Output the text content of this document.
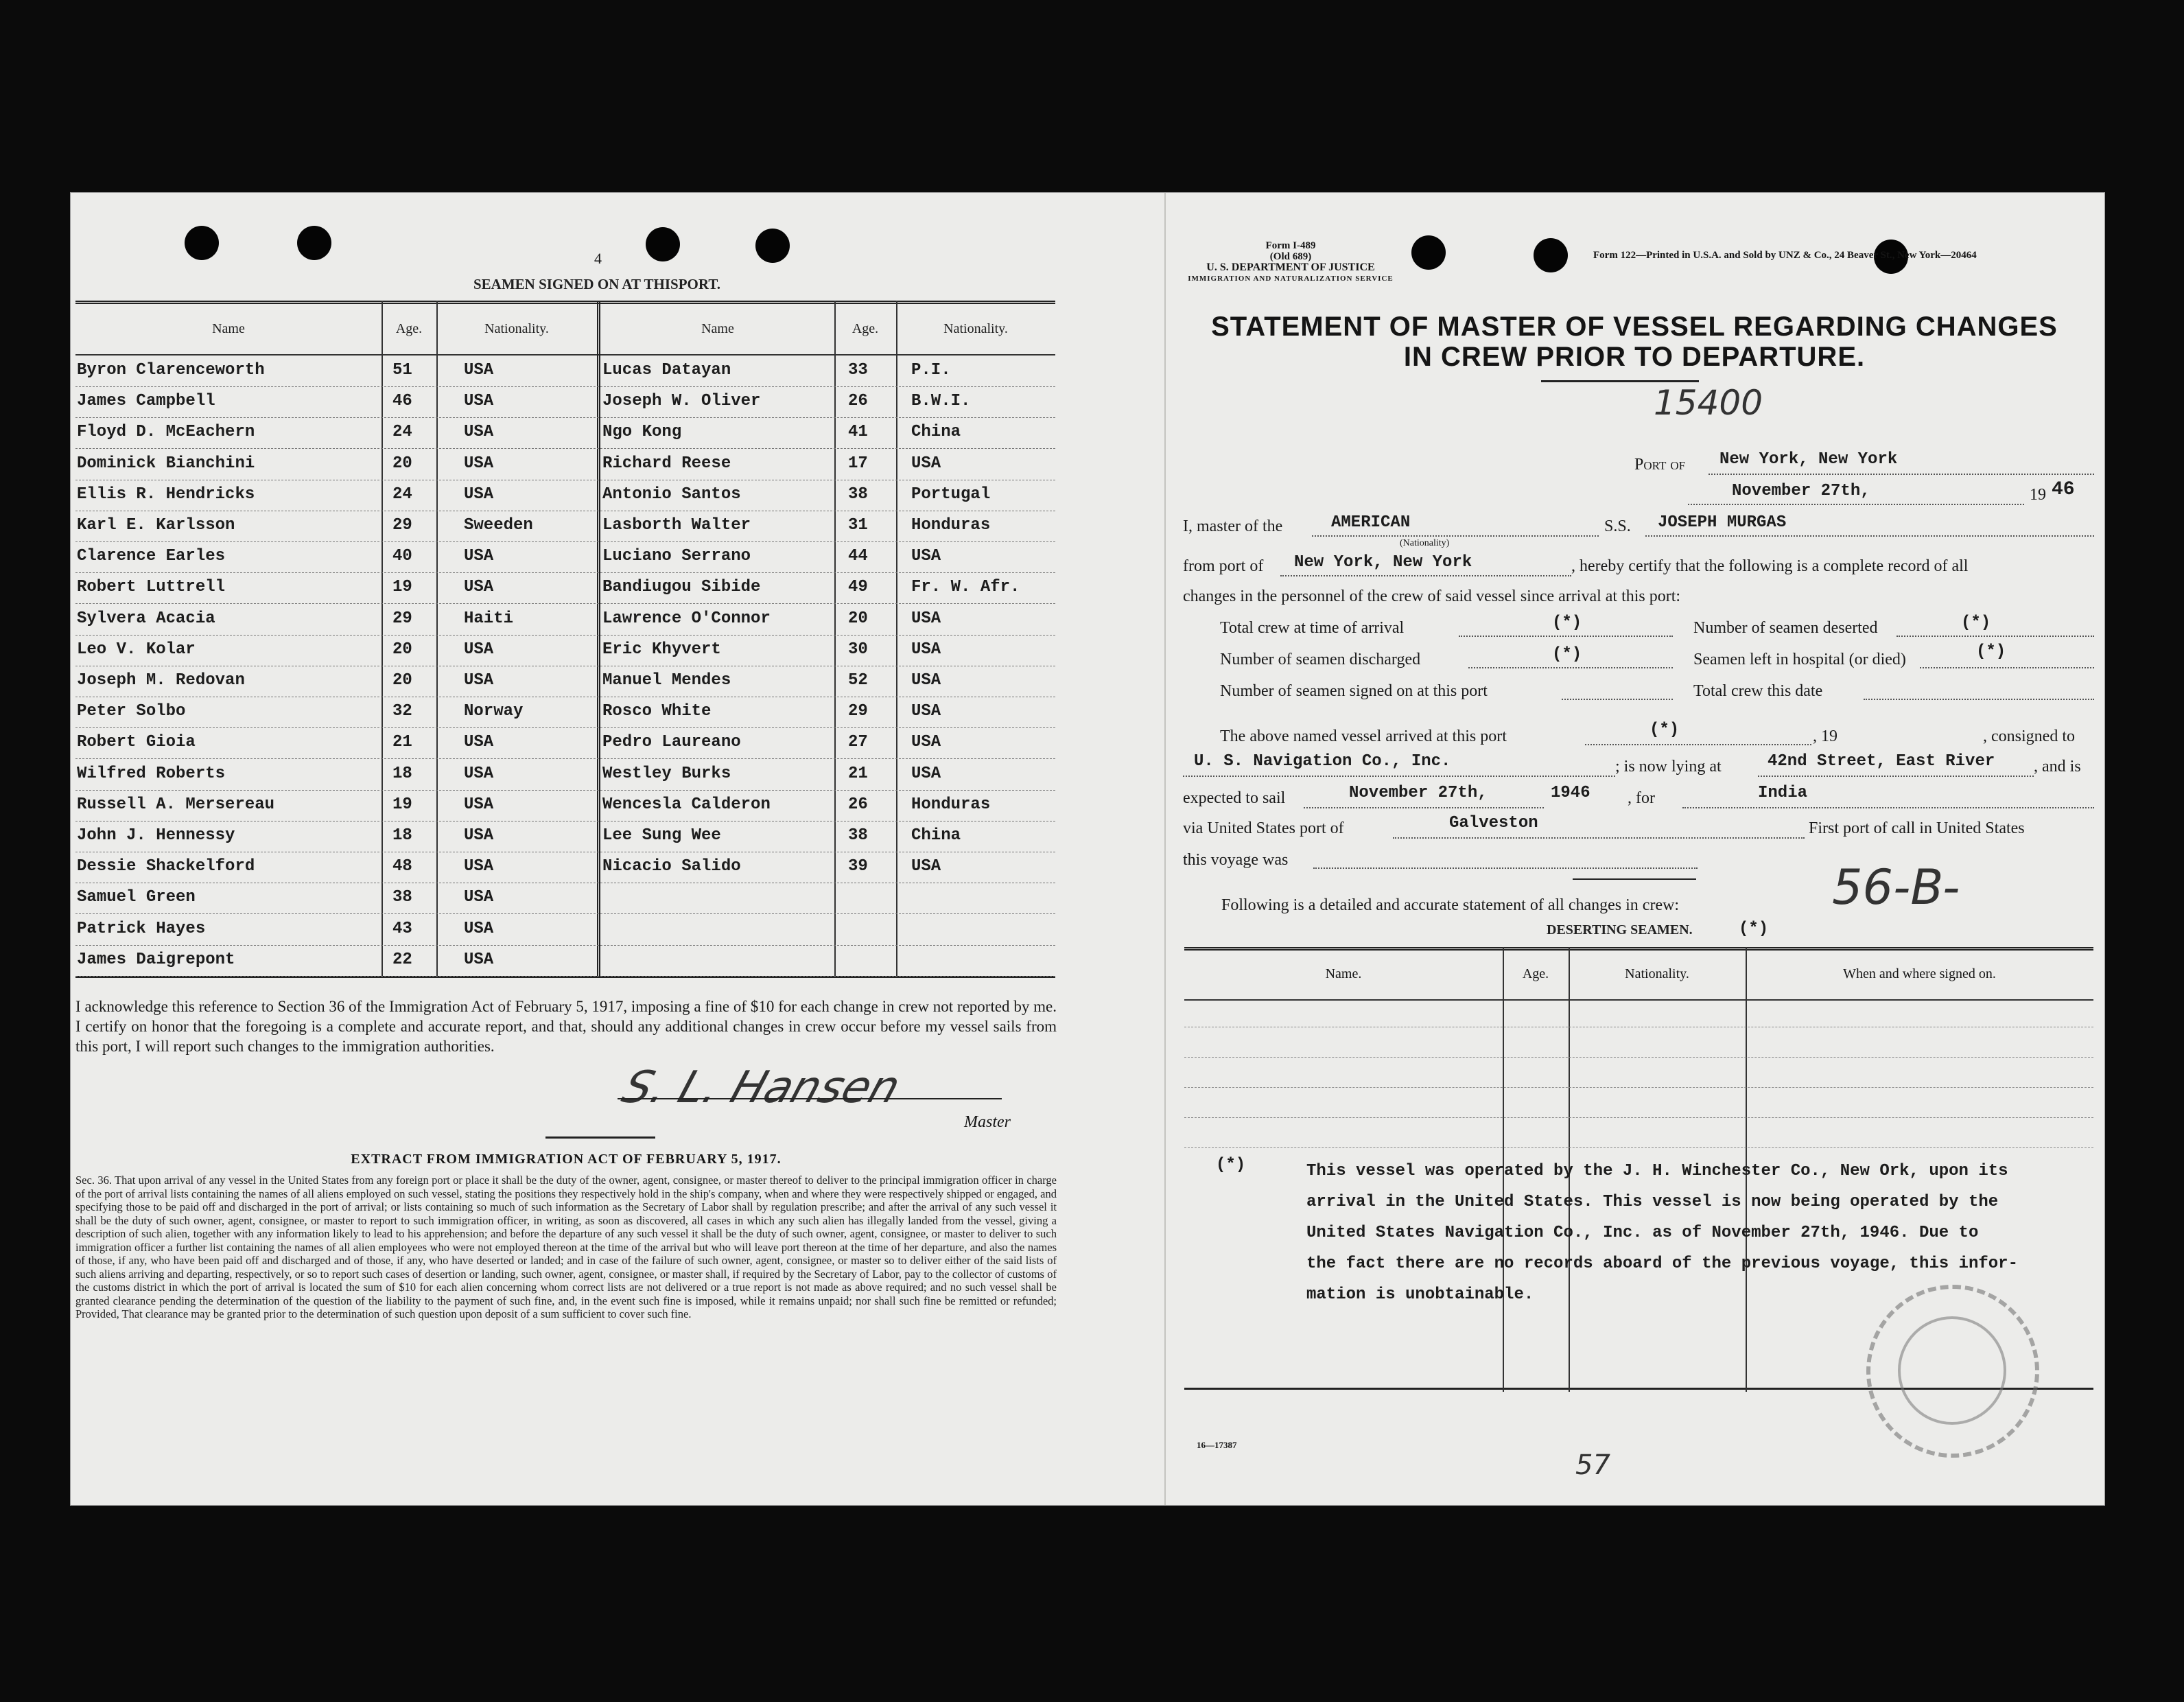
4
SEAMEN SIGNED ON AT THISPORT.
Name	Age.	Nationality.	Name	Age.	Nationality.
Byron Clarenceworth	51	USA	Lucas Datayan	33	P.I.
James Campbell	46	USA	Joseph W. Oliver	26	B.W.I.
Floyd D. McEachern	24	USA	Ngo Kong	41	China
Dominick Bianchini	20	USA	Richard Reese	17	USA
Ellis R. Hendricks	24	USA	Antonio Santos	38	Portugal
Karl E. Karlsson	29	Sweeden	Lasborth Walter	31	Honduras
Clarence Earles	40	USA	Luciano Serrano	44	USA
Robert Luttrell	19	USA	Bandiugou Sibide	49	Fr. W. Afr.
Sylvera Acacia	29	Haiti	Lawrence O'Connor	20	USA
Leo V. Kolar	20	USA	Eric Khyvert	30	USA
Joseph M. Redovan	20	USA	Manuel Mendes	52	USA
Peter Solbo	32	Norway	Rosco White	29	USA
Robert Gioia	21	USA	Pedro Laureano	27	USA
Wilfred Roberts	18	USA	Westley Burks	21	USA
Russell A. Mersereau	19	USA	Wencesla Calderon	26	Honduras
John J. Hennessy	18	USA	Lee Sung Wee	38	China
Dessie Shackelford	48	USA	Nicacio Salido	39	USA
Samuel Green	38	USA
Patrick Hayes	43	USA
James Daigrepont	22	USA
I acknowledge this reference to Section 36 of the Immigration Act of February 5, 1917, imposing a fine of $10 for each change in crew not reported by me. I certify on honor that the foregoing is a complete and accurate report, and that, should any additional changes in crew occur before my vessel sails from this port, I will report such changes to the immigration authorities.
S. L. Hansen
Master
EXTRACT FROM IMMIGRATION ACT OF FEBRUARY 5, 1917.
Sec. 36. That upon arrival of any vessel in the United States from any foreign port or place it shall be the duty of the owner, agent, consignee, or master thereof to deliver to the principal immigration officer in charge of the port of arrival lists containing the names of all aliens employed on such vessel, stating the positions they respectively hold in the ship's company, when and where they were respectively shipped or engaged, and specifying those to be paid off and discharged in the port of arrival; or lists containing so much of such information as the Secretary of Labor shall by regulation prescribe; and after the arrival of any such vessel it shall be the duty of such owner, agent, consignee, or master to report to such immigration officer, in writing, as soon as discovered, all cases in which any such alien has illegally landed from the vessel, giving a description of such alien, together with any information likely to lead to his apprehension; and before the departure of any such vessel it shall be the duty of such owner, agent, consignee, or master to deliver to such immigration officer a further list containing the names of all alien employees who were not employed thereon at the time of the arrival but who will leave port thereon at the time of her departure, and also the names of those, if any, who have been paid off and discharged and of those, if any, who have deserted or landed; and in case of the failure of such owner, agent, consignee, or master so to deliver either of the said lists of such aliens arriving and departing, respectively, or so to report such cases of desertion or landing, such owner, agent, consignee, or master shall, if required by the Secretary of Labor, pay to the collector of customs of the customs district in which the port of arrival is located the sum of $10 for each alien concerning whom correct lists are not delivered or a true report is not made as above required; and no such vessel shall be granted clearance pending the determination of the question of the liability to the payment of such fine, and, in the event such fine is imposed, while it remains unpaid; nor shall such fine be remitted or refunded; Provided, That clearance may be granted prior to the determination of such question upon deposit of a sum sufficient to cover such fine.
Form I-489
(Old 689)
U. S. DEPARTMENT OF JUSTICE
IMMIGRATION AND NATURALIZATION SERVICE
Form 122—Printed in U.S.A. and Sold by UNZ & Co., 24 Beaver St., New York—20464
STATEMENT OF MASTER OF VESSEL REGARDING CHANGES
IN CREW PRIOR TO DEPARTURE.
15400
Port of New York, New York
November 27th,	19 46
I, master of the	AMERICAN
(Nationality)
S.S. JOSEPH MURGAS
from port of New York, New York	, hereby certify that the following is a complete record of all
changes in the personnel of the crew of said vessel since arrival at this port:
Total crew at time of arrival	(*)	Number of seamen deserted	(*)
Number of seamen discharged	(*)	Seamen left in hospital (or died)	(*)
Number of seamen signed on at this port	Total crew this date
The above named vessel arrived at this port	(*)	, 19	, consigned to
U. S. Navigation Co., Inc.	; is now lying at	42nd Street, East River , and is
expected to sail	November 27th,	1946 , for	India
via United States port of	Galveston	First port of call in United States
this voyage was
Following is a detailed and accurate statement of all changes in crew:	56-B-
DESERTING SEAMEN.	(*)
Name.	Age.	Nationality.	When and where signed on.
(*)	This vessel was operated by the J. H. Winchester Co., New Ork, upon its
arrival in the United States. This vessel is now being operated by the
United States Navigation Co., Inc. as of November 27th, 1946. Due to
the fact there are no records aboard of the previous voyage, this infor-
mation is unobtainable.
16—17387
57
